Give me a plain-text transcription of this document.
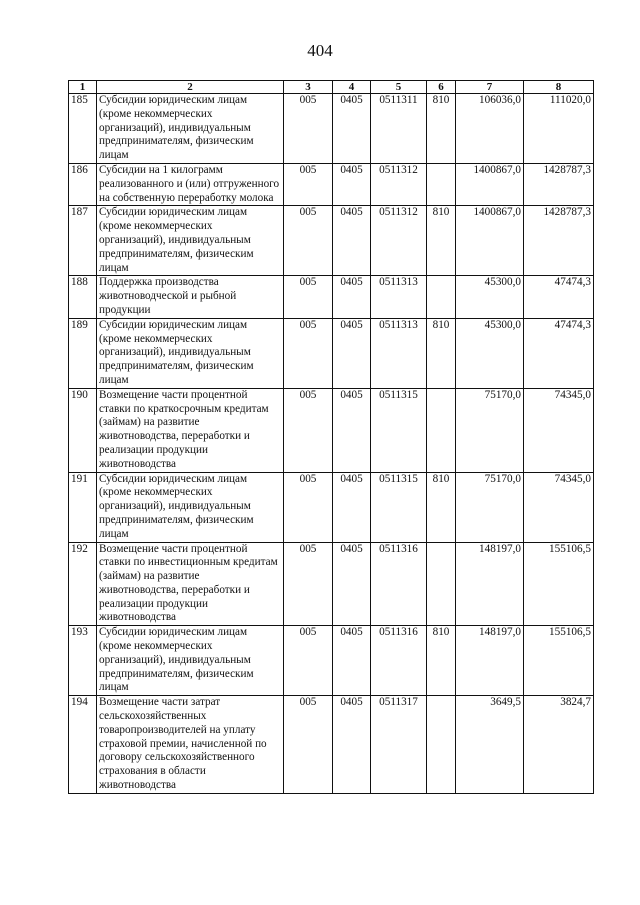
404
1	2	3	4	5	6	7	8
185	Субсидии юридическим лицам (кроме некоммерческих организаций), индивидуальным предпринимателям, физическим лицам	005	0405	0511311	810	106036,0	111020,0
186	Субсидии на 1 килограмм реализованного и (или) отгруженного на собственную переработку молока	005	0405	0511312		1400867,0	1428787,3
187	Субсидии юридическим лицам (кроме некоммерческих организаций), индивидуальным предпринимателям, физическим лицам	005	0405	0511312	810	1400867,0	1428787,3
188	Поддержка производства животноводческой и рыбной продукции	005	0405	0511313		45300,0	47474,3
189	Субсидии юридическим лицам (кроме некоммерческих организаций), индивидуальным предпринимателям, физическим лицам	005	0405	0511313	810	45300,0	47474,3
190	Возмещение части процентной ставки по краткосрочным кредитам (займам) на развитие животноводства, переработки и реализации продукции животноводства	005	0405	0511315		75170,0	74345,0
191	Субсидии юридическим лицам (кроме некоммерческих организаций), индивидуальным предпринимателям, физическим лицам	005	0405	0511315	810	75170,0	74345,0
192	Возмещение части процентной ставки по инвестиционным кредитам (займам) на развитие животноводства, переработки и реализации продукции животноводства	005	0405	0511316		148197,0	155106,5
193	Субсидии юридическим лицам (кроме некоммерческих организаций), индивидуальным предпринимателям, физическим лицам	005	0405	0511316	810	148197,0	155106,5
194	Возмещение части затрат сельскохозяйственных товаропроизводителей на уплату страховой премии, начисленной по договору сельскохозяйственного страхования в области животноводства	005	0405	0511317		3649,5	3824,7
